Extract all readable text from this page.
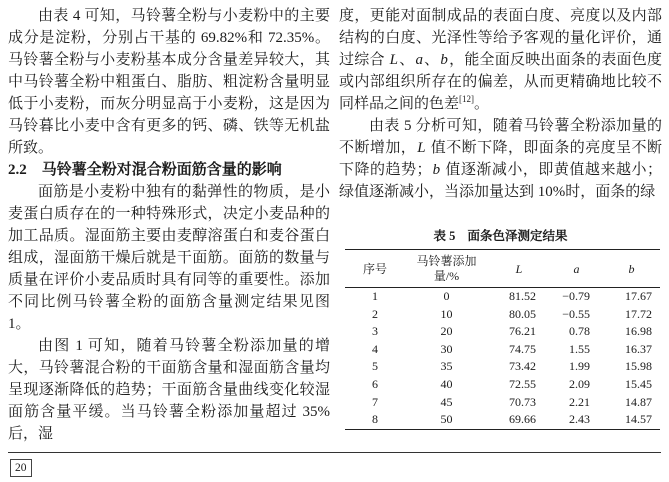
由表 4 可知，马铃薯全粉与小麦粉中的主要成分是淀粉，分别占干基的 69.82%和 72.35%。马铃薯全粉与小麦粉基本成分含量差异较大，其中马铃薯全粉中粗蛋白、脂肪、粗淀粉含量明显低于小麦粉，而灰分明显高于小麦粉，这是因为马铃暮比小麦中含有更多的钙、磷、铁等无机盐所致。

2.2 马铃薯全粉对混合粉面筋含量的影响

面筋是小麦粉中独有的黏弹性的物质，是小麦蛋白质存在的一种特殊形式，决定小麦品种的加工品质。湿面筋主要由麦醇溶蛋白和麦谷蛋白组成，湿面筋干燥后就是干面筋。面筋的数量与质量在评价小麦品质时具有同等的重要性。添加不同比例马铃薯全粉的面筋含量测定结果见图 1。

由图 1 可知，随着马铃薯全粉添加量的增大，马铃薯混合粉的干面筋含量和湿面筋含量均呈现逐渐降低的趋势；干面筋含量曲线变化较湿面筋含量平缓。当马铃薯全粉添加量超过 35%后，湿

度，更能对面制成品的表面白度、亮度以及内部结构的白度、光泽性等给予客观的量化评价，通过综合 L、a、b，能全面反映出面条的表面色度或内部组织所存在的偏差，从而更精确地比较不同样品之间的色差[12]。

由表 5 分析可知，随着马铃薯全粉添加量的不断增加，L 值不断下降，即面条的亮度呈不断下降的趋势；b 值逐渐减小，即黄值越来越小；绿值逐渐减小，当添加量达到 10%时，面条的绿

表 5 面条色泽测定结果
序号	马铃薯添加量/%	L	a	b
1	0	81.52	−0.79	17.67
2	10	80.05	−0.55	17.72
3	20	76.21	0.78	16.98
4	30	74.75	1.55	16.37
5	35	73.42	1.99	15.98
6	40	72.55	2.09	15.45
7	45	70.73	2.21	14.87
8	50	69.66	2.43	14.57
20
